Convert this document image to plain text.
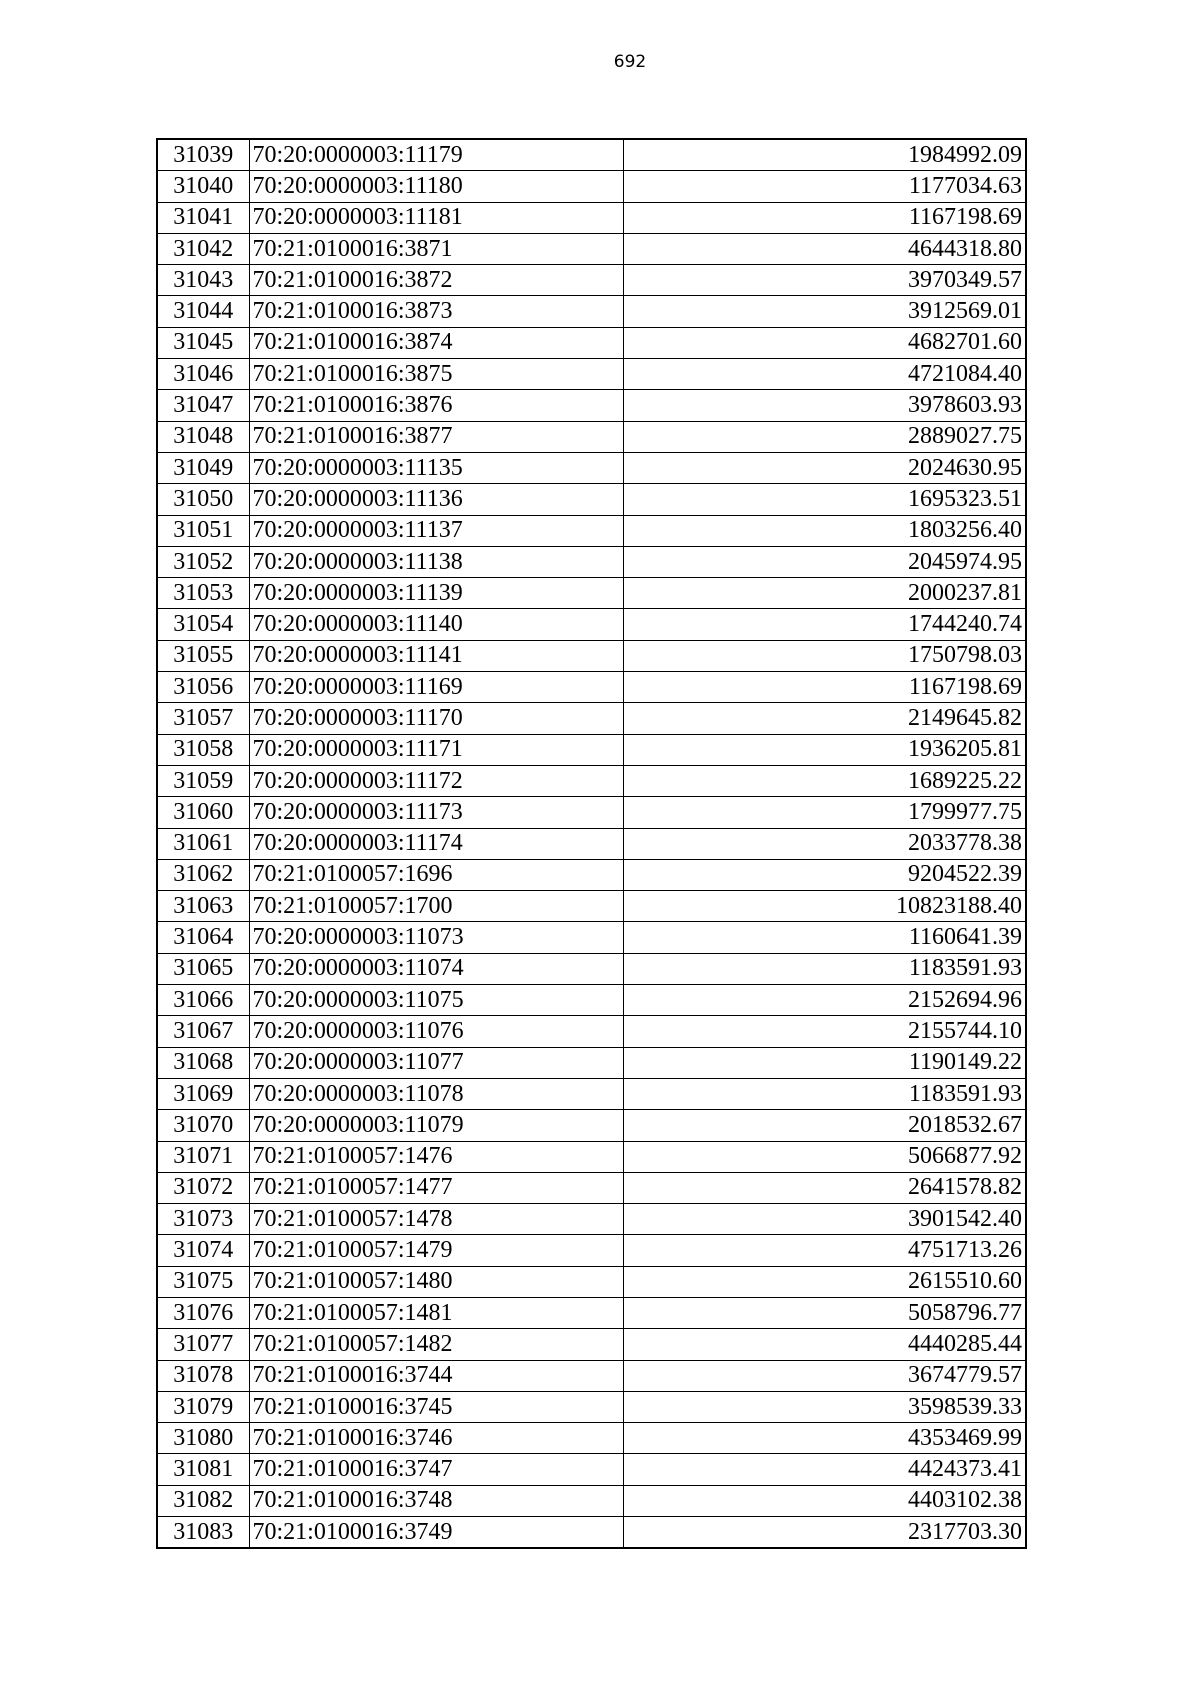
692
31039	70:20:0000003:11179	1984992.09
31040	70:20:0000003:11180	1177034.63
31041	70:20:0000003:11181	1167198.69
31042	70:21:0100016:3871	4644318.80
31043	70:21:0100016:3872	3970349.57
31044	70:21:0100016:3873	3912569.01
31045	70:21:0100016:3874	4682701.60
31046	70:21:0100016:3875	4721084.40
31047	70:21:0100016:3876	3978603.93
31048	70:21:0100016:3877	2889027.75
31049	70:20:0000003:11135	2024630.95
31050	70:20:0000003:11136	1695323.51
31051	70:20:0000003:11137	1803256.40
31052	70:20:0000003:11138	2045974.95
31053	70:20:0000003:11139	2000237.81
31054	70:20:0000003:11140	1744240.74
31055	70:20:0000003:11141	1750798.03
31056	70:20:0000003:11169	1167198.69
31057	70:20:0000003:11170	2149645.82
31058	70:20:0000003:11171	1936205.81
31059	70:20:0000003:11172	1689225.22
31060	70:20:0000003:11173	1799977.75
31061	70:20:0000003:11174	2033778.38
31062	70:21:0100057:1696	9204522.39
31063	70:21:0100057:1700	10823188.40
31064	70:20:0000003:11073	1160641.39
31065	70:20:0000003:11074	1183591.93
31066	70:20:0000003:11075	2152694.96
31067	70:20:0000003:11076	2155744.10
31068	70:20:0000003:11077	1190149.22
31069	70:20:0000003:11078	1183591.93
31070	70:20:0000003:11079	2018532.67
31071	70:21:0100057:1476	5066877.92
31072	70:21:0100057:1477	2641578.82
31073	70:21:0100057:1478	3901542.40
31074	70:21:0100057:1479	4751713.26
31075	70:21:0100057:1480	2615510.60
31076	70:21:0100057:1481	5058796.77
31077	70:21:0100057:1482	4440285.44
31078	70:21:0100016:3744	3674779.57
31079	70:21:0100016:3745	3598539.33
31080	70:21:0100016:3746	4353469.99
31081	70:21:0100016:3747	4424373.41
31082	70:21:0100016:3748	4403102.38
31083	70:21:0100016:3749	2317703.30
